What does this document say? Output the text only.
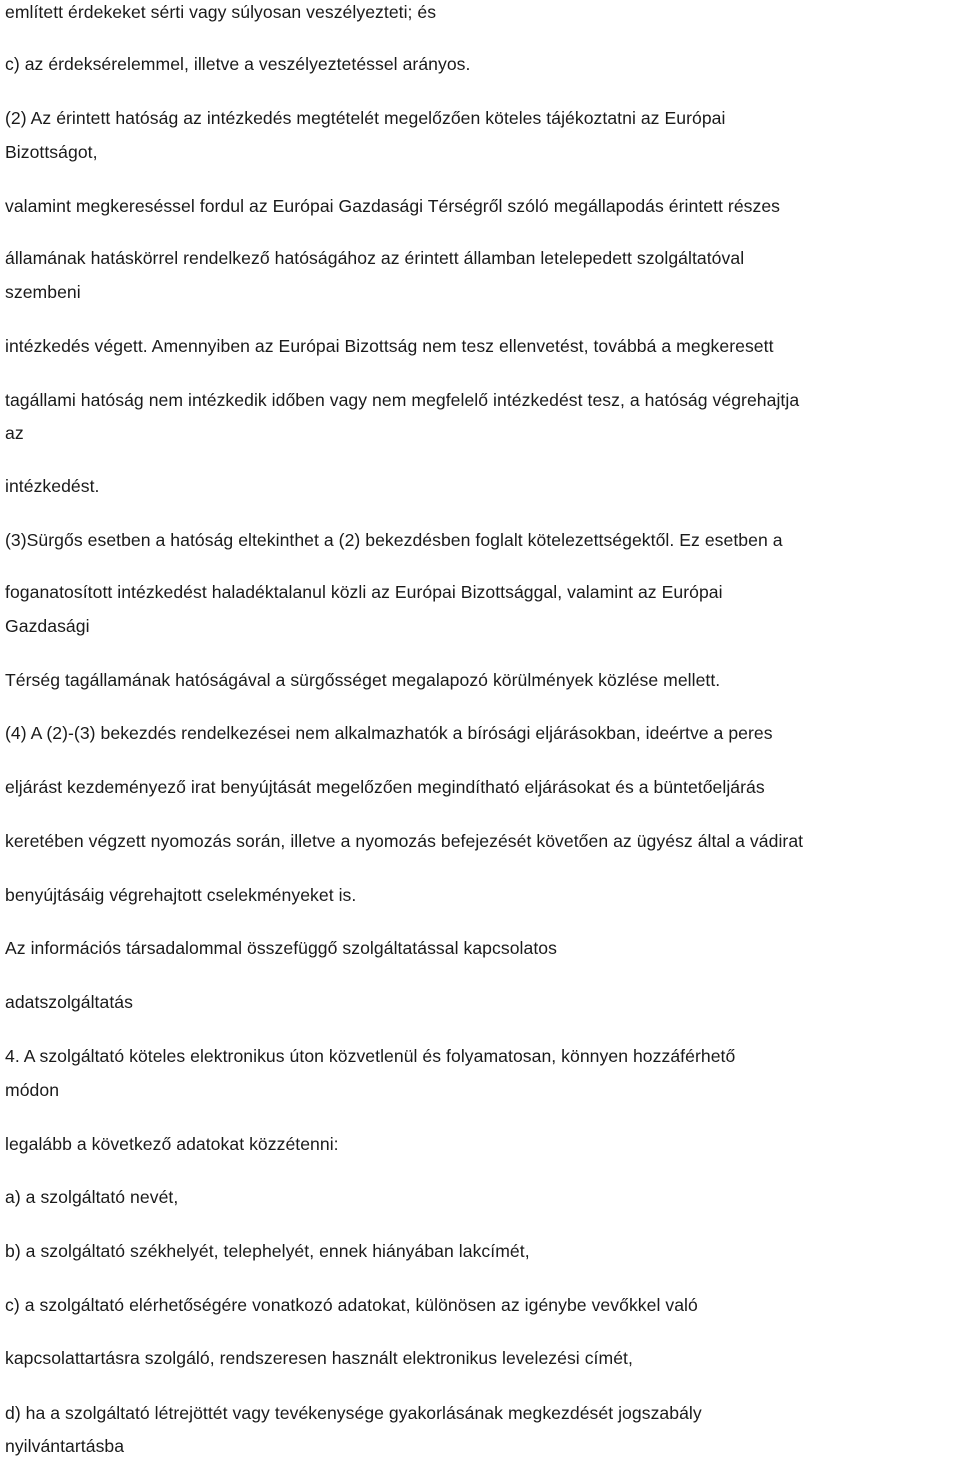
említett érdekeket sérti vagy súlyosan veszélyezteti; és

c) az érdeksérelemmel, illetve a veszélyeztetéssel arányos.

(2) Az érintett hatóság az intézkedés megtételét megelőzően köteles tájékoztatni az Európai

Bizottságot,

valamint megkereséssel fordul az Európai Gazdasági Térségről szóló megállapodás érintett részes

államának hatáskörrel rendelkező hatóságához az érintett államban letelepedett szolgáltatóval

szembeni

intézkedés végett. Amennyiben az Európai Bizottság nem tesz ellenvetést, továbbá a megkeresett

tagállami hatóság nem intézkedik időben vagy nem megfelelő intézkedést tesz, a hatóság végrehajtja

az

intézkedést.

(3)Sürgős esetben a hatóság eltekinthet a (2) bekezdésben foglalt kötelezettségektől. Ez esetben a

foganatosított intézkedést haladéktalanul közli az Európai Bizottsággal, valamint az Európai

Gazdasági

Térség tagállamának hatóságával a sürgősséget megalapozó körülmények közlése mellett.

(4) A (2)-(3) bekezdés rendelkezései nem alkalmazhatók a bírósági eljárásokban, ideértve a peres

eljárást kezdeményező irat benyújtását megelőzően megindítható eljárásokat és a büntetőeljárás

keretében végzett nyomozás során, illetve a nyomozás befejezését követően az ügyész által a vádirat

benyújtásáig végrehajtott cselekményeket is.

Az információs társadalommal összefüggő szolgáltatással kapcsolatos

adatszolgáltatás

4. A szolgáltató köteles elektronikus úton közvetlenül és folyamatosan, könnyen hozzáférhető

módon

legalább a következő adatokat közzétenni:

a) a szolgáltató nevét,

b) a szolgáltató székhelyét, telephelyét, ennek hiányában lakcímét,

c) a szolgáltató elérhetőségére vonatkozó adatokat, különösen az igénybe vevőkkel való

kapcsolattartásra szolgáló, rendszeresen használt elektronikus levelezési címét,

d) ha a szolgáltató létrejöttét vagy tevékenysége gyakorlásának megkezdését jogszabály

nyilvántartásba
